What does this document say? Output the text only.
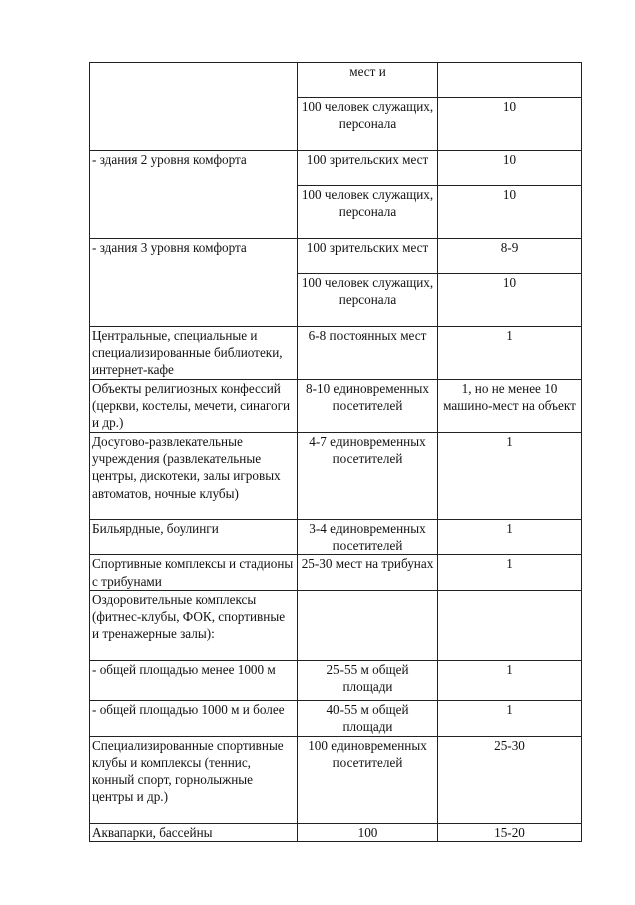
	мест и	
	100 человек служащих, персонала	10
- здания 2 уровня комфорта	100 зрительских мест	10
	100 человек служащих, персонала	10
- здания 3 уровня комфорта	100 зрительских мест	8-9
	100 человек служащих, персонала	10
Центральные, специальные и специализированные библиотеки, интернет-кафе	6-8 постоянных мест	1
Объекты религиозных конфессий (церкви, костелы, мечети, синагоги и др.)	8-10 единовременных посетителей	1, но не менее 10 машино-мест на объект
Досугово-развлекательные учреждения (развлекательные центры, дискотеки, залы игровых автоматов, ночные клубы)	4-7 единовременных посетителей	1
Бильярдные, боулинги	3-4 единовременных посетителей	1
Спортивные комплексы и стадионы с трибунами	25-30 мест на трибунах	1
Оздоровительные комплексы (фитнес-клубы, ФОК, спортивные и тренажерные залы):		
- общей площадью менее 1000 м	25-55 м общей площади	1
- общей площадью 1000 м и более	40-55 м общей площади	1
Специализированные спортивные клубы и комплексы (теннис, конный спорт, горнолыжные центры и др.)	100 единовременных посетителей	25-30
Аквапарки, бассейны	100	15-20
